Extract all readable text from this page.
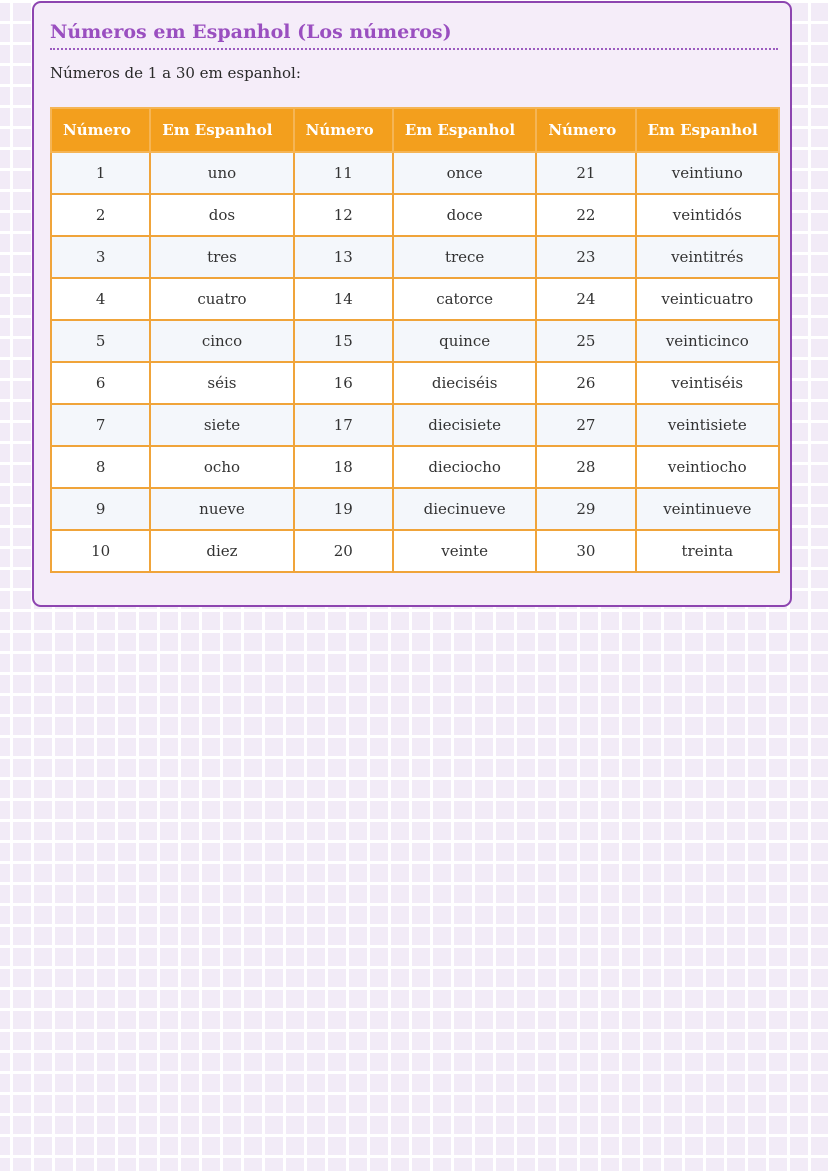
Números em Espanhol (Los números)
Números de 1 a 30 em espanhol:
Número	Em Espanhol	Número	Em Espanhol	Número	Em Espanhol
1	uno	11	once	21	veintiuno
2	dos	12	doce	22	veintidós
3	tres	13	trece	23	veintitrés
4	cuatro	14	catorce	24	veinticuatro
5	cinco	15	quince	25	veinticinco
6	séis	16	dieciséis	26	veintiséis
7	siete	17	diecisiete	27	veintisiete
8	ocho	18	dieciocho	28	veintiocho
9	nueve	19	diecinueve	29	veintinueve
10	diez	20	veinte	30	treinta
